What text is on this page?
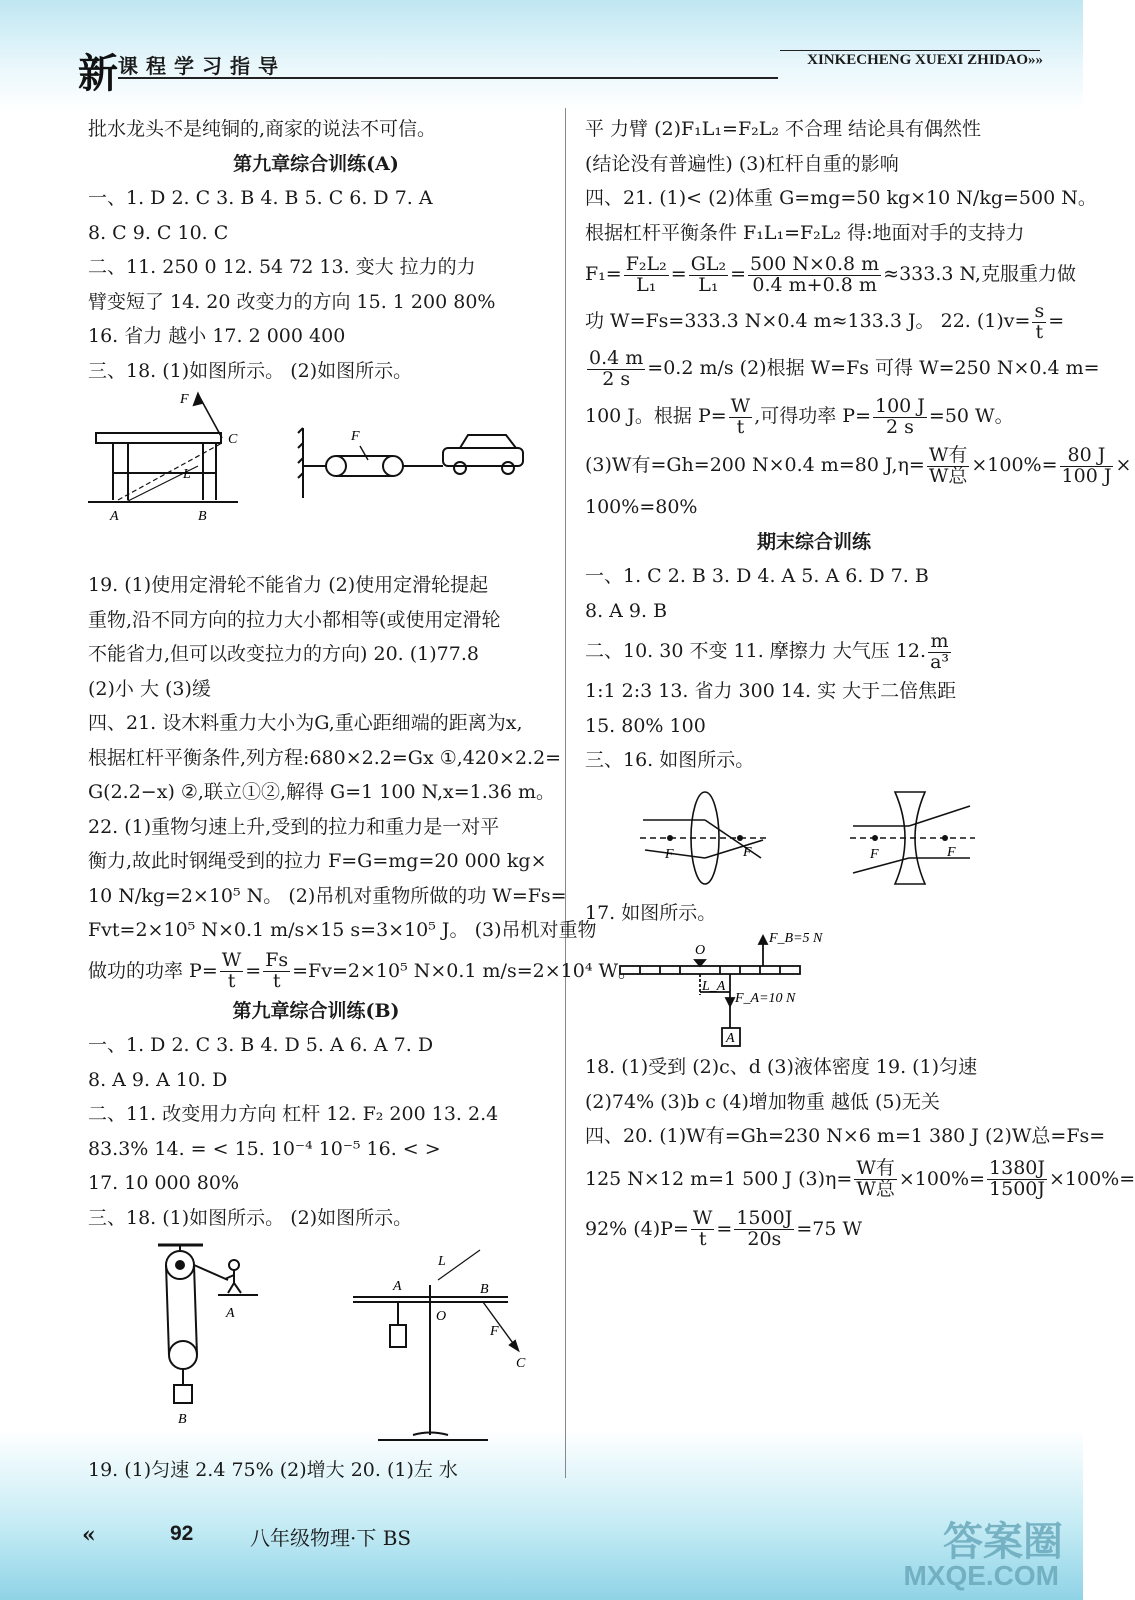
新 课程学习指导	XINKECHENG XUEXI ZHIDAO»»
批水龙头不是纯铜的,商家的说法不可信。
第九章综合训练(A)
一、1. D 2. C 3. B 4. B 5. C 6. D 7. A
8. C 9. C 10. C
二、11. 250 0 12. 54 72 13. 变大 拉力的力
臂变短了 14. 20 改变力的方向 15. 1 200 80%
16. 省力 越小 17. 2 000 400
三、18. (1)如图所示。 (2)如图所示。
F
C
L
A	B
F
19. (1)使用定滑轮不能省力 (2)使用定滑轮提起
重物,沿不同方向的拉力大小都相等(或使用定滑轮
不能省力,但可以改变拉力的方向) 20. (1)77.8
(2)小 大 (3)缓
四、21. 设木料重力大小为G,重心距细端的距离为x,
根据杠杆平衡条件,列方程:680×2.2=Gx ①,420×2.2=
G(2.2−x) ②,联立①②,解得 G=1 100 N,x=1.36 m。
22. (1)重物匀速上升,受到的拉力和重力是一对平
衡力,故此时钢绳受到的拉力 F=G=mg=20 000 kg×
10 N/kg=2×10⁵ N。 (2)吊机对重物所做的功 W=Fs=
Fvt=2×10⁵ N×0.1 m/s×15 s=3×10⁵ J。 (3)吊机对重物
做功的功率 $P= \frac{W}{t} = \frac{Fs}{t} =Fv=2\times 10^5$ N×0.1 m/s=2×10⁴ W。
第九章综合训练(B)
一、1. D 2. C 3. B 4. D 5. A 6. A 7. D
8. A 9. A 10. D
二、11. 改变用力方向 杠杆 12. F₂ 200 13. 2.4
83.3% 14. = < 15. 10⁻⁴ 10⁻⁵ 16. < >
17. 10 000 80%
三、18. (1)如图所示。 (2)如图所示。
A
B
A
O
L
B
F
C
19. (1)匀速 2.4 75% (2)增大 20. (1)左 水
平 力臂 (2)F₁L₁=F₂L₂ 不合理 结论具有偶然性
(结论没有普遍性) (3)杠杆自重的影响
四、21. (1)< (2)体重 G=mg=50 kg×10 N/kg=500 N。
根据杠杆平衡条件 F₁L₁=F₂L₂ 得:地面对手的支持力
$F_1= \frac{\text{F₂L₂}}{\text{L₁}} = \frac{\text{GL₂}}{\text{L₁}} = \frac{500 N\times 0.8 m}{0.4 m+0.8 m} \approx 333.3$ N,克服重力做
功 W=Fs=333.3 N×0.4 m≈133.3 J。 22. $(1)v= \frac{s}{t}$ =
$\frac{0.4 m}{2 s} =0.2$ m/s (2)根据 W=Fs 可得 W=250 N×0.4 m=
100 J。根据 $P= \frac{W}{t}$ ,可得功率 $P= \frac{100 J}{2 s} =50$ W。
(3)W有=Gh=200 N×0.4 m=80 $J,\eta= \frac{\text{W有}}{\text{W总}} \times 100\%= \frac{80 J}{100 J}$ ×
100%=80%
期末综合训练
一、1. C 2. B 3. D 4. A 5. A 6. D 7. B
8. A 9. B
二、10. 30 不变 11. 摩擦力 大气压 12. $\frac{m}{\text{a³}}$
1:1 2:3 13. 省力 300 14. 实 大于二倍焦距
15. 80% 100
三、16. 如图所示。
F	F	F	F
17. 如图所示。
O
F_B=5 N
L_A
F_A=10 N
A
18. (1)受到 (2)c、d (3)液体密度 19. (1)匀速
(2)74% (3)b c (4)增加物重 越低 (5)无关
四、20. (1)W有=Gh=230 N×6 m=1 380 J (2)W总=Fs=
125 N×12 m=1 500 J $(3)\eta= \frac{\text{W有}}{\text{W总}} \times 100\%= \frac{1380J}{1500J} \times 100\%=$
92% $(4)P= \frac{W}{t} = \frac{1500J}{20s} =75$ W
«	92	八年级物理·下 BS	答案圈
MXQE.COM
